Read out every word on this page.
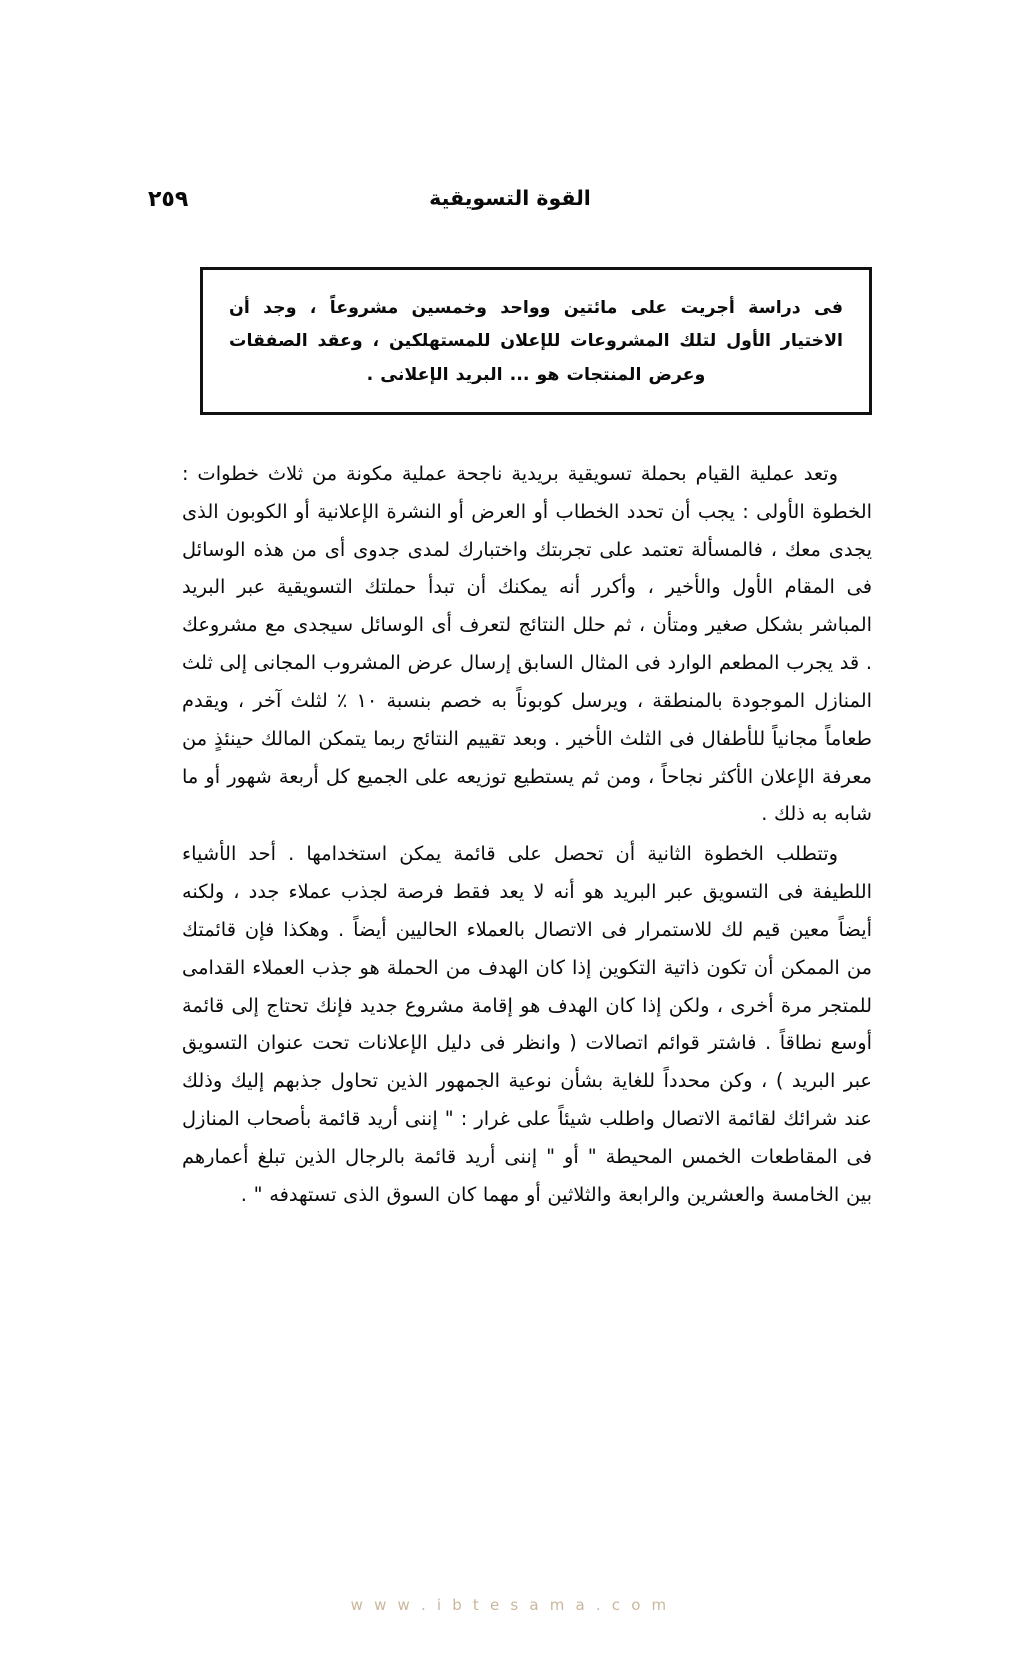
٢٥٩	القوة التسويقية

فى دراسة أجريت على مائتين وواحد وخمسين مشروعاً ، وجد أن الاختيار الأول لتلك المشروعات للإعلان للمستهلكين ، وعقد الصفقات وعرض المنتجات هو ... البريد الإعلانى .

وتعد عملية القيام بحملة تسويقية بريدية ناجحة عملية مكونة من ثلاث خطوات : الخطوة الأولى : يجب أن تحدد الخطاب أو العرض أو النشرة الإعلانية أو الكوبون الذى يجدى معك ، فالمسألة تعتمد على تجربتك واختبارك لمدى جدوى أى من هذه الوسائل فى المقام الأول والأخير ، وأكرر أنه يمكنك أن تبدأ حملتك التسويقية عبر البريد المباشر بشكل صغير ومتأن ، ثم حلل النتائج لتعرف أى الوسائل سيجدى مع مشروعك . قد يجرب المطعم الوارد فى المثال السابق إرسال عرض المشروب المجانى إلى ثلث المنازل الموجودة بالمنطقة ، ويرسل كوبوناً به خصم بنسبة ١٠ ٪ لثلث آخر ، ويقدم طعاماً مجانياً للأطفال فى الثلث الأخير . وبعد تقييم النتائج ربما يتمكن المالك حينئذٍ من معرفة الإعلان الأكثر نجاحاً ، ومن ثم يستطيع توزيعه على الجميع كل أربعة شهور أو ما شابه به ذلك .

وتتطلب الخطوة الثانية أن تحصل على قائمة يمكن استخدامها . أحد الأشياء اللطيفة فى التسويق عبر البريد هو أنه لا يعد فقط فرصة لجذب عملاء جدد ، ولكنه أيضاً معين قيم لك للاستمرار فى الاتصال بالعملاء الحاليين أيضاً . وهكذا فإن قائمتك من الممكن أن تكون ذاتية التكوين إذا كان الهدف من الحملة هو جذب العملاء القدامى للمتجر مرة أخرى ، ولكن إذا كان الهدف هو إقامة مشروع جديد فإنك تحتاج إلى قائمة أوسع نطاقاً . فاشتر قوائم اتصالات ( وانظر فى دليل الإعلانات تحت عنوان التسويق عبر البريد ) ، وكن محدداً للغاية بشأن نوعية الجمهور الذين تحاول جذبهم إليك وذلك عند شرائك لقائمة الاتصال واطلب شيئاً على غرار : " إننى أريد قائمة بأصحاب المنازل فى المقاطعات الخمس المحيطة " أو " إننى أريد قائمة بالرجال الذين تبلغ أعمارهم بين الخامسة والعشرين والرابعة والثلاثين أو مهما كان السوق الذى تستهدفه " .

w w w . i b t e s a m a . c o m
